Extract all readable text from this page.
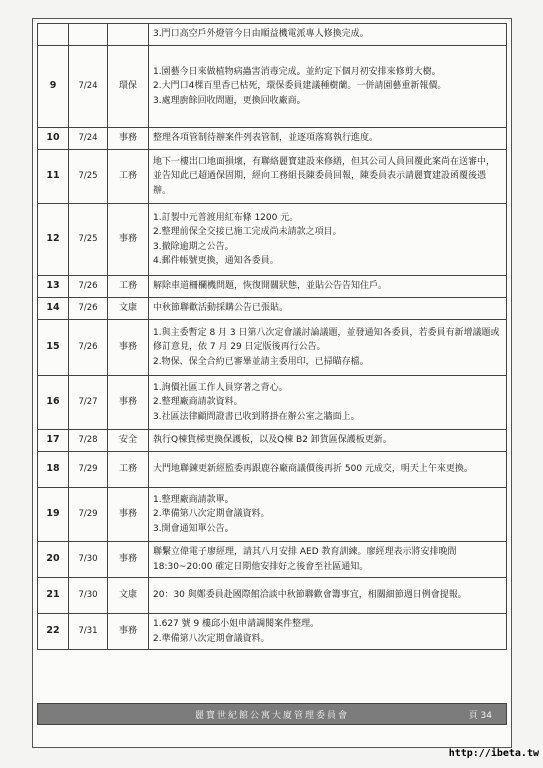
			3.門口高空戶外燈管今日由順益機電派專人修換完成。

9	7/24	環保	1.園藝今日來做植物病蟲害消毒完成。並約定下個月初安排來修剪大樹。
2.大門口4棵百里香已枯死，環保委員建議種樹蘭。一併請園藝重新報價。
3.處理廚餘回收問題，更換回收廠商。

10	7/24	事務	整理各項管制待辦案件列表管制，並逐項落寫執行進度。

11	7/25	工務	地下一樓出口地面損壞，有聯絡麗寶建設來修繕，但其公司人員回覆此案尚在送審中，並告知此已超過保固期，經向工務組長陳委員回報，陳委員表示請麗寶建設函覆後憑辦。

12	7/25	事務	1.訂製中元普渡用紅布條 1200 元。
2.整理前保全交接已施工完成尚未請款之項目。
3.撤除逾期之公告。
4.郵件帳號更換，通知各委員。

13	7/26	工務	解除車道柵欄機問題，恢復開關狀態，並貼公告告知住戶。

14	7/26	文康	中秋節聯歡活動採購公告已張貼。

15	7/26	事務	1.與主委暫定 8 月 3 日第八次定會議討論議題，並發通知各委員，若委員有新增議題或修訂意見，依 7 月 29 日定版後再行公告。
2.物保、保全合約已審畢並請主委用印，已掃瞄存檔。

16	7/27	事務	1.詢價社區工作人員穿著之背心。
2.整理廠商請款資料。
3.社區法律顧問證書已收到將掛在辦公室之牆面上。

17	7/28	安全	執行Q棟貨梯更換保護板，以及Q棟 B2 卸貨區保護板更新。

18	7/29	工務	大門地聯鍊更新經監委再跟鹿谷廠商議價後再折 500 元成交，明天上午來更換。

19	7/29	事務	1.整理廠商請款單。
2.準備第八次定期會議資料。
3.開會通知單公告。

20	7/30	事務	聯繫立偉電子廖經理，請其八月安排 AED 教育訓練。廖經理表示將安排晚間 18:30~20:00 確定日期他安排好之後會至社區通知。

21	7/30	文康	20：30 與鄭委員赴國際館洽談中秋節聯歡會籌事宜，相關細節週日例會提報。

22	7/31	事務	1.627 號 9 樓邱小姐申請調閱案件整理。
2.準備第八次定期會議資料。
麗寶世紀館公寓大廈管理委員會	頁 34
http://ibeta.tw
